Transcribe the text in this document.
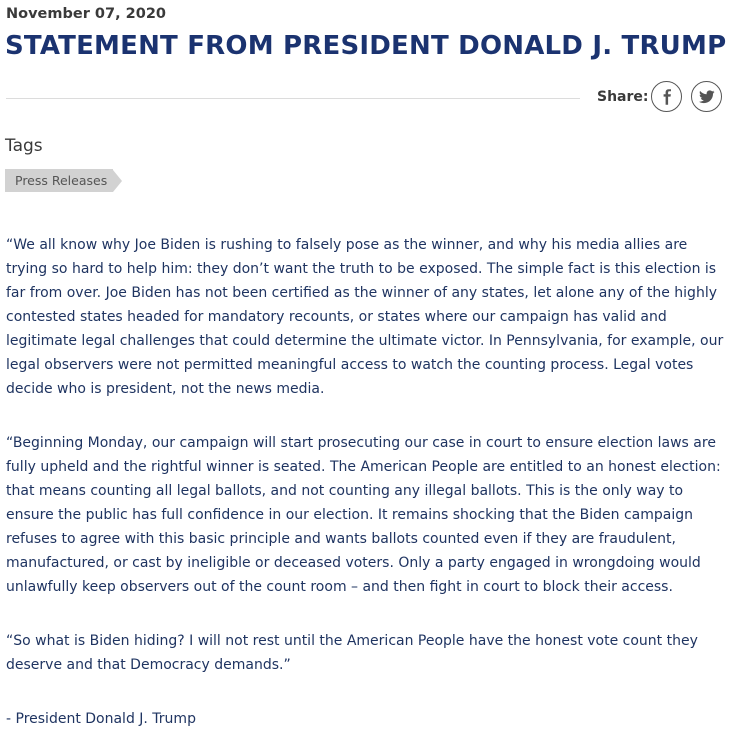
November 07, 2020
STATEMENT FROM PRESIDENT DONALD J. TRUMP
Share:
Tags
Press Releases

“We all know why Joe Biden is rushing to falsely pose as the winner, and why his media allies are trying so hard to help him: they don’t want the truth to be exposed. The simple fact is this election is far from over. Joe Biden has not been certified as the winner of any states, let alone any of the highly contested states headed for mandatory recounts, or states where our campaign has valid and legitimate legal challenges that could determine the ultimate victor. In Pennsylvania, for example, our legal observers were not permitted meaningful access to watch the counting process. Legal votes decide who is president, not the news media.

“Beginning Monday, our campaign will start prosecuting our case in court to ensure election laws are fully upheld and the rightful winner is seated. The American People are entitled to an honest election: that means counting all legal ballots, and not counting any illegal ballots. This is the only way to ensure the public has full confidence in our election. It remains shocking that the Biden campaign refuses to agree with this basic principle and wants ballots counted even if they are fraudulent, manufactured, or cast by ineligible or deceased voters. Only a party engaged in wrongdoing would unlawfully keep observers out of the count room – and then fight in court to block their access.

“So what is Biden hiding? I will not rest until the American People have the honest vote count they deserve and that Democracy demands.”

- President Donald J. Trump
